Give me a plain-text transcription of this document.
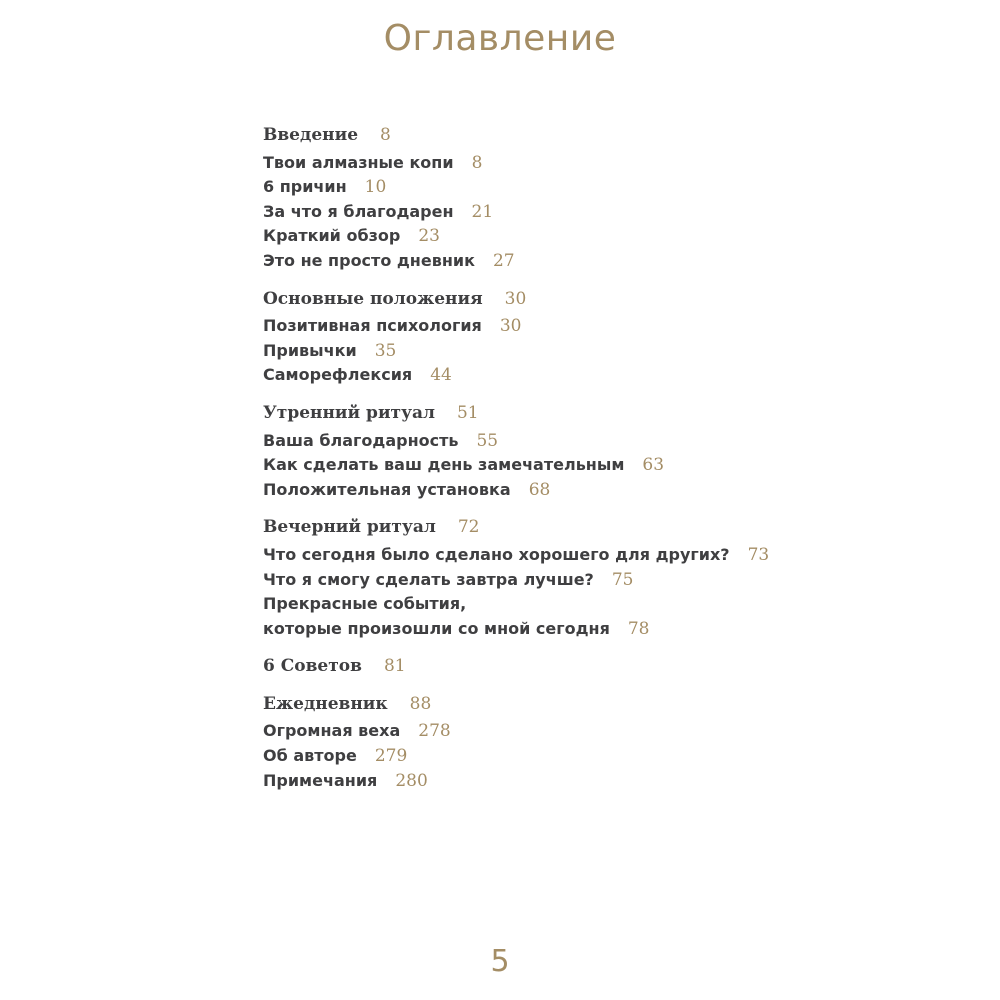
Оглавление
Введение 8
Твои алмазные копи 8
6 причин 10
За что я благодарен 21
Краткий обзор 23
Это не просто дневник 27
Основные положения 30
Позитивная психология 30
Привычки 35
Саморефлексия 44
Утренний ритуал 51
Ваша благодарность 55
Как сделать ваш день замечательным 63
Положительная установка 68
Вечерний ритуал 72
Что сегодня было сделано хорошего для других? 73
Что я смогу сделать завтра лучше? 75
Прекрасные события,
которые произошли со мной сегодня 78
6 Советов 81
Ежедневник 88
Огромная веха 278
Об авторе 279
Примечания 280
5
